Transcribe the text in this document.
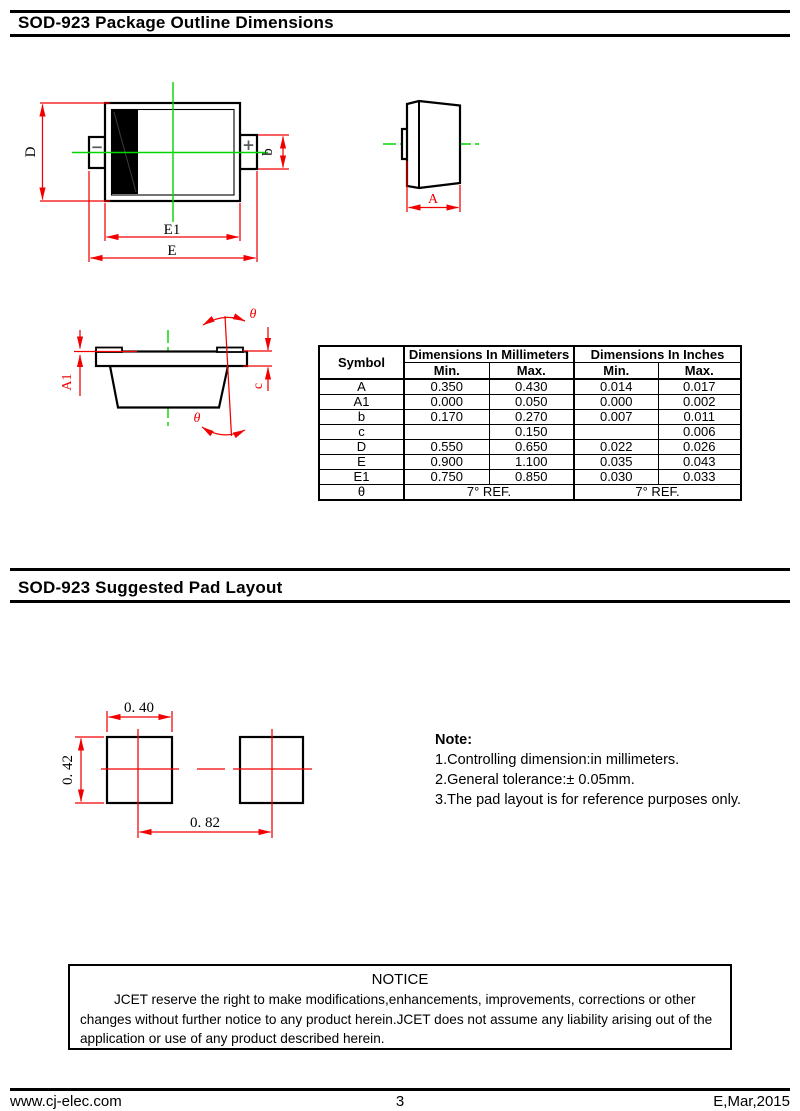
SOD-923 Package Outline Dimensions
−	+
D	b
E1
E
A
A1	c
θ
θ
Symbol	Dimensions In Millimeters		Dimensions In Inches	
	Min.	Max.	Min.	Max.
A	0.350	0.430	0.014	0.017
A1	0.000	0.050	0.000	0.002
b	0.170	0.270	0.007	0.011
c		0.150		0.006
D	0.550	0.650	0.022	0.026
E	0.900	1.100	0.035	0.043
E1	0.750	0.850	0.030	0.033
θ	7° REF.		7° REF.	
SOD-923 Suggested Pad Layout
0. 40
0. 42
0. 82
Note:
1.Controlling dimension:in millimeters.
2.General tolerance:± 0.05mm.
3.The pad layout is for reference purposes only.
NOTICE
JCET reserve the right to make modifications,enhancements, improvements, corrections or other changes without further notice to any product herein.JCET does not assume any liability arising out of the application or use of any product described herein.
www.cj-elec.com	3	E,Mar,2015
